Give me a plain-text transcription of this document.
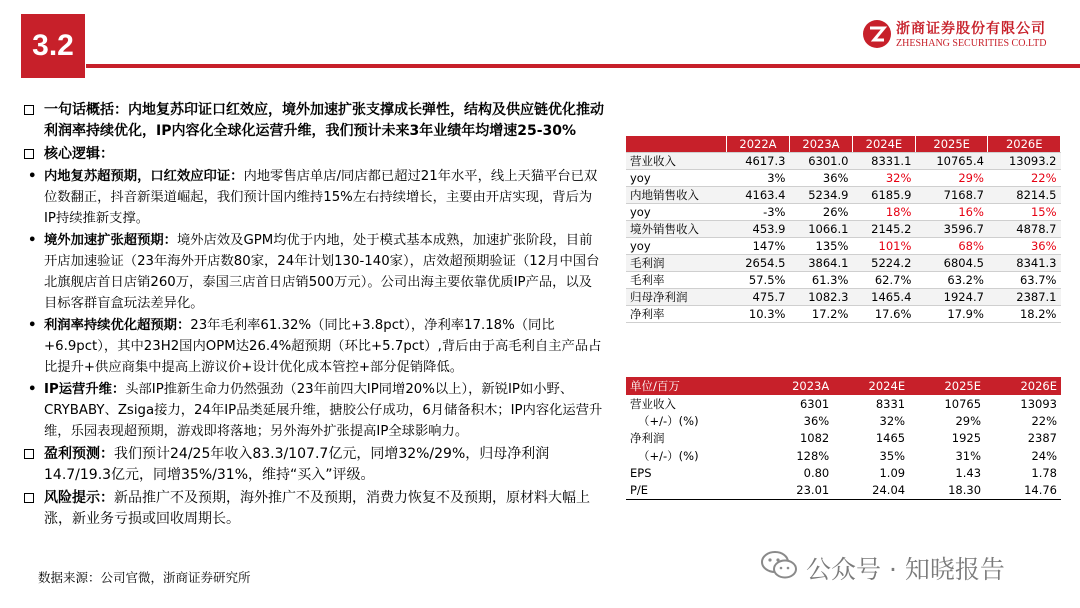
3.2	浙商证券股份有限公司
ZHESHANG SECURITIES CO.LTD
一句话概括：内地复苏印证口红效应，境外加速扩张支撑成长弹性，结构及供应链优化推动利润率持续优化，IP内容化全球化运营升维，我们预计未来3年业绩年均增速25-30%
核心逻辑：
• 内地复苏超预期，口红效应印证：内地零售店单店/同店都已超过21年水平，线上天猫平台已双位数翻正，抖音新渠道崛起，我们预计国内维持15%左右持续增长，主要由开店实现，背后为IP持续推新支撑。
• 境外加速扩张超预期：境外店效及GPM均优于内地，处于模式基本成熟，加速扩张阶段，目前开店加速验证（23年海外开店数80家，24年计划130-140家），店效超预期验证（12月中国台北旗舰店首日店销260万，泰国三店首日店销500万元）。公司出海主要依靠优质IP产品，以及目标客群盲盒玩法差异化。
• 利润率持续优化超预期：23年毛利率61.32%（同比+3.8pct），净利率17.18%（同比+6.9pct），其中23H2国内OPM达26.4%超预期（环比+5.7pct）,背后由于高毛利自主产品占比提升+供应商集中提高上游议价+设计优化成本管控+部分促销降低。
• IP运营升维：头部IP推新生命力仍然强劲（23年前四大IP同增20%以上），新锐IP如小野、CRYBABY、Zsiga接力，24年IP品类延展升维，搪胶公仔成功，6月储备积木；IP内容化运营升维，乐园表现超预期，游戏即将落地；另外海外扩张提高IP全球影响力。
盈利预测：我们预计24/25年收入83.3/107.7亿元，同增32%/29%，归母净利润14.7/19.3亿元，同增35%/31%，维持“买入”评级。
风险提示：新品推广不及预期，海外推广不及预期，消费力恢复不及预期，原材料大幅上涨，新业务亏损或回收周期长。
数据来源：公司官微，浙商证券研究所
	2022A	2023A	2024E	2025E	2026E
营业收入	4617.3	6301.0	8331.1	10765.4	13093.2
yoy	3%	36%	32%	29%	22%
内地销售收入	4163.4	5234.9	6185.9	7168.7	8214.5
yoy	-3%	26%	18%	16%	15%
境外销售收入	453.9	1066.1	2145.2	3596.7	4878.7
yoy	147%	135%	101%	68%	36%
毛利润	2654.5	3864.1	5224.2	6804.5	8341.3
毛利率	57.5%	61.3%	62.7%	63.2%	63.7%
归母净利润	475.7	1082.3	1465.4	1924.7	2387.1
净利率	10.3%	17.2%	17.6%	17.9%	18.2%
单位/百万	2023A	2024E	2025E	2026E
营业收入	6301	8331	10765	13093
（+/-）(%)	36%	32%	29%	22%
净利润	1082	1465	1925	2387
（+/-）(%)	128%	35%	31%	24%
EPS	0.80	1.09	1.43	1.78
P/E	23.01	24.04	18.30	14.76
公众号 · 知晓报告
